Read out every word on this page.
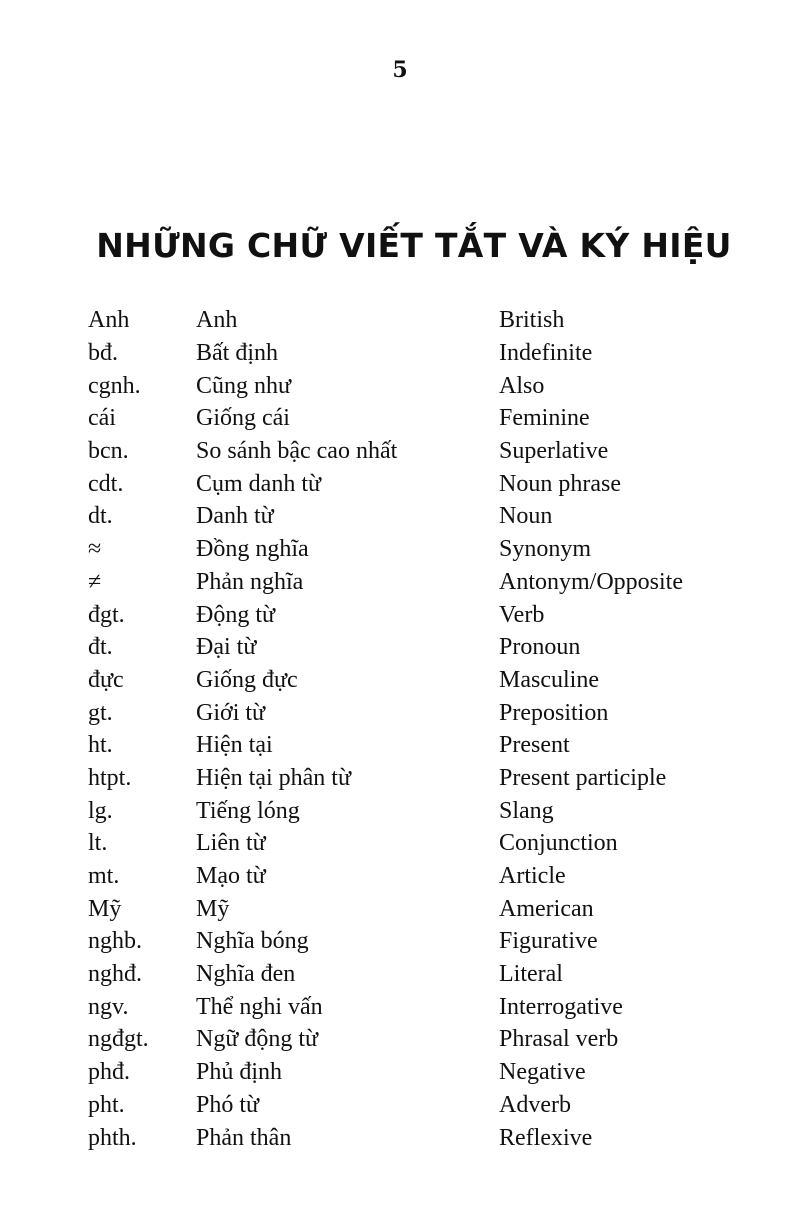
5
NHỮNG CHỮ VIẾT TẮT VÀ KÝ HIỆU
Anh	Anh	British
bđ.	Bất định	Indefinite
cgnh.	Cũng như	Also
cái	Giống cái	Feminine
bcn.	So sánh bậc cao nhất	Superlative
cdt.	Cụm danh từ	Noun phrase
dt.	Danh từ	Noun
≈	Đồng nghĩa	Synonym
≠	Phản nghĩa	Antonym/Opposite
đgt.	Động từ	Verb
đt.	Đại từ	Pronoun
đực	Giống đực	Masculine
gt.	Giới từ	Preposition
ht.	Hiện tại	Present
htpt.	Hiện tại phân từ	Present participle
lg.	Tiếng lóng	Slang
lt.	Liên từ	Conjunction
mt.	Mạo từ	Article
Mỹ	Mỹ	American
nghb.	Nghĩa bóng	Figurative
nghđ.	Nghĩa đen	Literal
ngv.	Thể nghi vấn	Interrogative
ngđgt.	Ngữ động từ	Phrasal verb
phđ.	Phủ định	Negative
pht.	Phó từ	Adverb
phth.	Phản thân	Reflexive
